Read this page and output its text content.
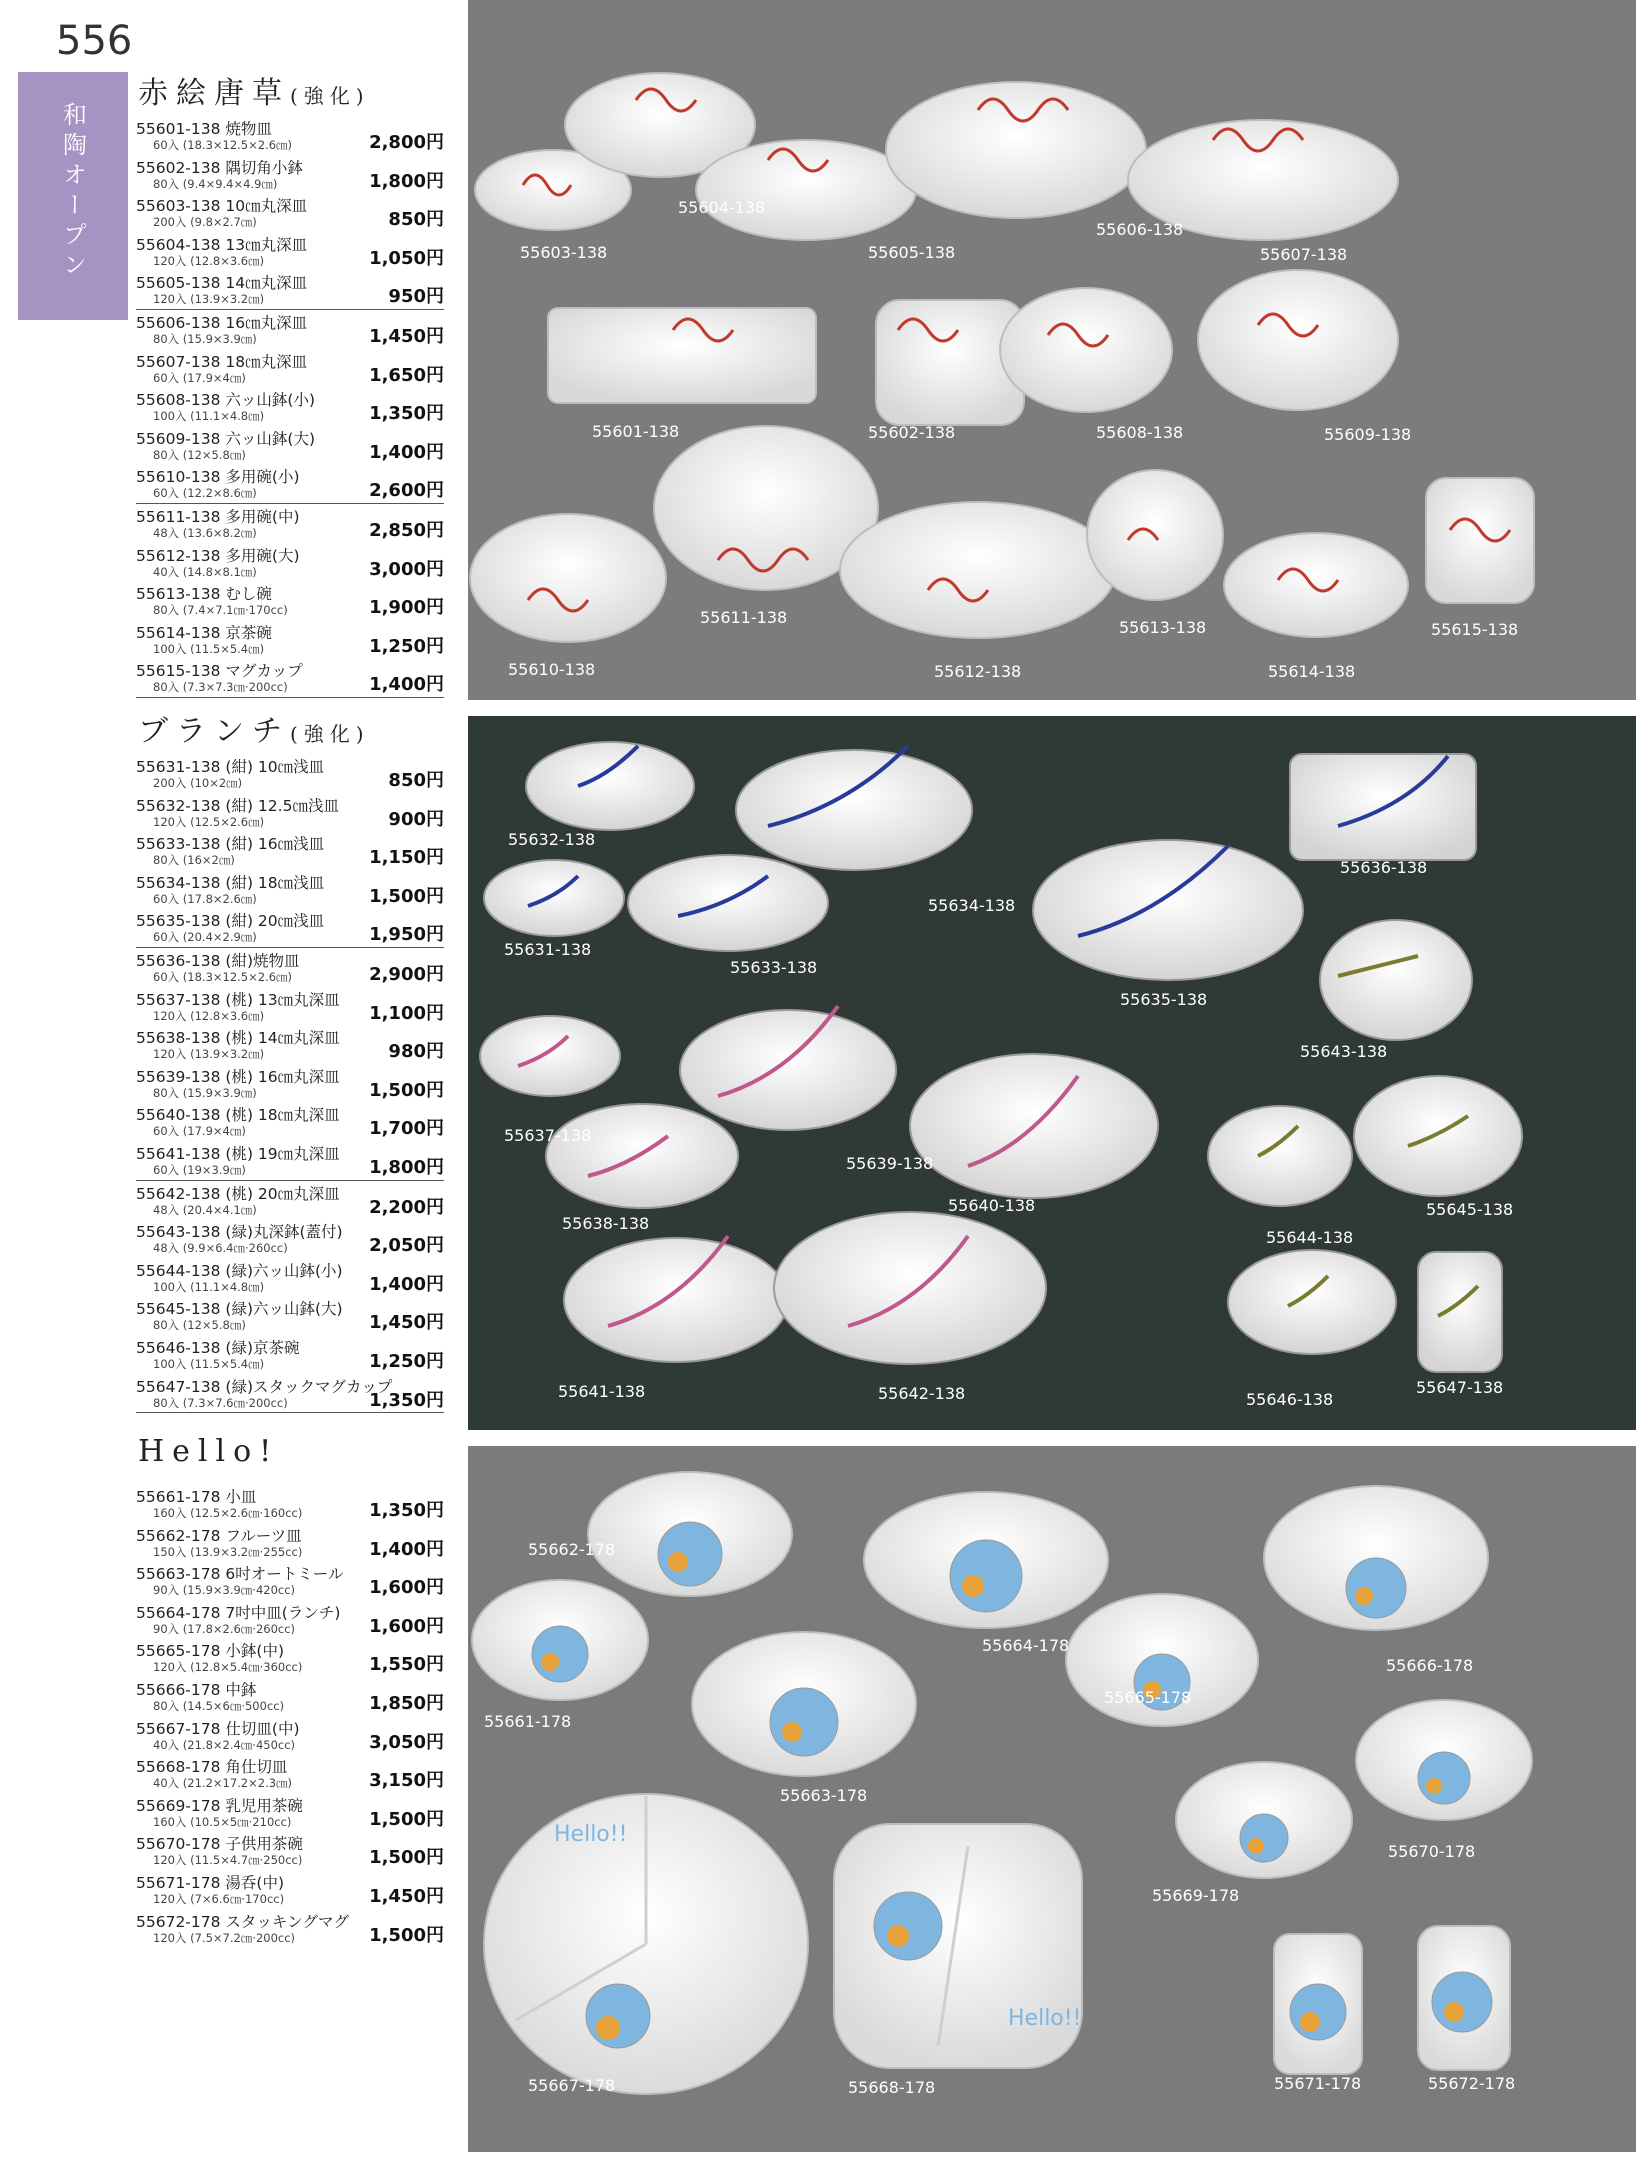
556
和陶オープン
赤絵唐草(強化)
55601-138 焼物皿
60入 (18.3×12.5×2.6㎝)	2,800円
55602-138 隅切角小鉢
80入 (9.4×9.4×4.9㎝)	1,800円
55603-138 10㎝丸深皿
200入 (9.8×2.7㎝)	850円
55604-138 13㎝丸深皿
120入 (12.8×3.6㎝)	1,050円
55605-138 14㎝丸深皿
120入 (13.9×3.2㎝)	950円
55606-138 16㎝丸深皿
80入 (15.9×3.9㎝)	1,450円
55607-138 18㎝丸深皿
60入 (17.9×4㎝)	1,650円
55608-138 六ッ山鉢(小)
100入 (11.1×4.8㎝)	1,350円
55609-138 六ッ山鉢(大)
80入 (12×5.8㎝)	1,400円
55610-138 多用碗(小)
60入 (12.2×8.6㎝)	2,600円
55611-138 多用碗(中)
48入 (13.6×8.2㎝)	2,850円
55612-138 多用碗(大)
40入 (14.8×8.1㎝)	3,000円
55613-138 むし碗
80入 (7.4×7.1㎝·170cc)	1,900円
55614-138 京茶碗
100入 (11.5×5.4㎝)	1,250円
55615-138 マグカップ
80入 (7.3×7.3㎝·200cc)	1,400円
ブランチ(強化)
55631-138 (紺) 10㎝浅皿
200入 (10×2㎝)	850円
55632-138 (紺) 12.5㎝浅皿
120入 (12.5×2.6㎝)	900円
55633-138 (紺) 16㎝浅皿
80入 (16×2㎝)	1,150円
55634-138 (紺) 18㎝浅皿
60入 (17.8×2.6㎝)	1,500円
55635-138 (紺) 20㎝浅皿
60入 (20.4×2.9㎝)	1,950円
55636-138 (紺)焼物皿
60入 (18.3×12.5×2.6㎝)	2,900円
55637-138 (桃) 13㎝丸深皿
120入 (12.8×3.6㎝)	1,100円
55638-138 (桃) 14㎝丸深皿
120入 (13.9×3.2㎝)	980円
55639-138 (桃) 16㎝丸深皿
80入 (15.9×3.9㎝)	1,500円
55640-138 (桃) 18㎝丸深皿
60入 (17.9×4㎝)	1,700円
55641-138 (桃) 19㎝丸深皿
60入 (19×3.9㎝)	1,800円
55642-138 (桃) 20㎝丸深皿
48入 (20.4×4.1㎝)	2,200円
55643-138 (緑)丸深鉢(蓋付)
48入 (9.9×6.4㎝·260cc)	2,050円
55644-138 (緑)六ッ山鉢(小)
100入 (11.1×4.8㎝)	1,400円
55645-138 (緑)六ッ山鉢(大)
80入 (12×5.8㎝)	1,450円
55646-138 (緑)京茶碗
100入 (11.5×5.4㎝)	1,250円
55647-138 (緑)スタックマグカップ
80入 (7.3×7.6㎝·200cc)	1,350円
Hello!
55661-178 小皿
160入 (12.5×2.6㎝·160cc)	1,350円
55662-178 フルーツ皿
150入 (13.9×3.2㎝·255cc)	1,400円
55663-178 6吋オートミール
90入 (15.9×3.9㎝·420cc)	1,600円
55664-178 7吋中皿(ランチ)
90入 (17.8×2.6㎝·260cc)	1,600円
55665-178 小鉢(中)
120入 (12.8×5.4㎝·360cc)	1,550円
55666-178 中鉢
80入 (14.5×6㎝·500cc)	1,850円
55667-178 仕切皿(中)
40入 (21.8×2.4㎝·450cc)	3,050円
55668-178 角仕切皿
40入 (21.2×17.2×2.3㎝)	3,150円
55669-178 乳児用茶碗
160入 (10.5×5㎝·210cc)	1,500円
55670-178 子供用茶碗
120入 (11.5×4.7㎝·250cc)	1,500円
55671-178 湯呑(中)
120入 (7×6.6㎝·170cc)	1,450円
55672-178 スタッキングマグ
120入 (7.5×7.2㎝·200cc)	1,500円
55603-138
55604-138
55605-138
55606-138
55607-138
55601-138	55602-138	55608-138	55609-138
55610-138
55611-138
55612-138
55613-138
55614-138
55615-138
55632-138
55634-138
55636-138
55631-138
55633-138
55635-138
55643-138
55637-138
55639-138
55638-138
55640-138
55644-138
55645-138
55641-138	55642-138	55646-138
55647-138
55662-178
55664-178
55666-178
55661-178
55665-178
55663-178
55670-178
55669-178
55667-178	55668-178	55671-178	55672-178
Hello!!
Hello!!
